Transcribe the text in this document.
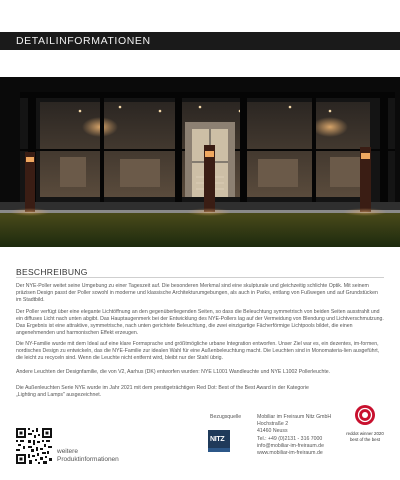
DETAILINFORMATIONEN
BESCHREIBUNG

Der NYE-Poller weitet seine Umgebung zu einer Tageszeit auf. Die besonderen Merkmal sind eine skulpturale und gleichzeitig schlichte Optik. Mit seinem präzisen Design passt der Poller sowohl in moderne und klassische Architekturumgebungen, als auch in Parks, entlang von Fußwegen und auf Grundstücken im Stadtbild.

Der Poller verfügt über eine elegante Lichtöffnung an den gegenüberliegenden Seiten, so dass die Beleuchtung symmetrisch von beiden Seiten ausstrahlt und ein diffuses Licht nach unten abgibt. Das Hauptaugenmerk bei der Entwicklung des NYE-Pollers lag auf der Vermeidung von Blendung und Lichtverschmutzung. Das Ergebnis ist eine attraktive, symmetrische, nach unten gerichtete Beleuchtung, die zwei einzigartige Fächerförmige Lichtpools bildet, die einen angenehmenden und harmonischen Effekt erzeugen.

Die NY-Familie wurde mit dem Ideal auf eine klare Formsprache und größtmögliche urbane Integration entworfen. Unser Ziel war es, ein dezentes, im-formen, nordisches Design zu entwickeln, das die NYE-Familie zur idealen Wahl für eine Außenbeleuchtung macht. Die Leuchten sind in Monomateria-lien ausgeführt, die leicht zu recyceln sind. Wenn die Leuchte nicht entfernt wird, bleibt nur der Stahl übrig.

Andere Leuchten der Designfamilie, die von V2, Aarhus (DK) entworfen wurden: NYE L1001 Wandleuchte und NYE L1002 Pollerleuchte.

Die Außenleuchten Serie NYE wurde im Jahr 2021 mit dem prestigeträchtigen Red Dot: Best of the Best Award in der Kategorie „Lighting and Lamps" ausgezeichnet.

reddot winner 2020
best of the best
weitere
Produktinformationen
Bezugsquelle
NITZ
Mobiliar im Freiraum Nitz GmbH
Hochstraße 2
41460 Neuss
Tel.: +49 (0)2131 - 316 7000
info@mobiliar-im-freiraum.de
www.mobiliar-im-freiraum.de
